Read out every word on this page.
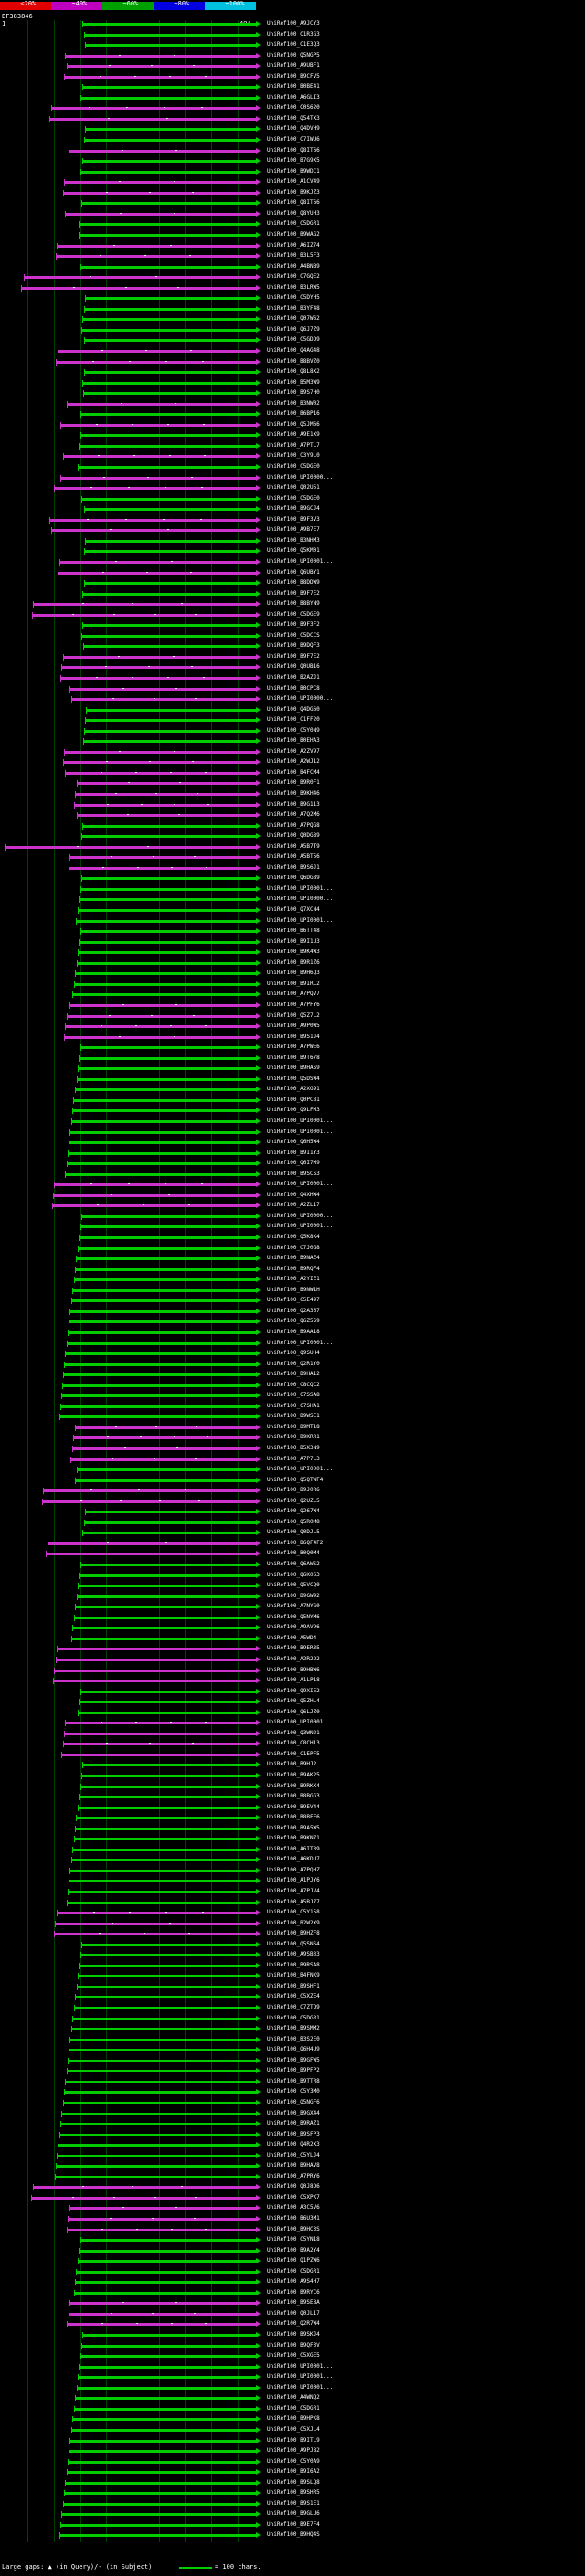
<20%	~40%	~60%	~80%	~100%
BF383846
1	UniRef100_A9JCY3
UniRef100_C1R3G3
UniRef100_C1E3Q3
UniRef100_Q5NGP5
UniRef100_A9UBF1
UniRef100_B9CFV5
UniRef100_B0BE41
UniRef100_A6GLI3
UniRef100_C0S620
UniRef100_Q54TX3
UniRef100_Q4DVH9
UniRef100_C7IWU6
UniRef100_Q8IT66
UniRef100_B7G9X5
UniRef100_B9WDC1
UniRef100_A1CV49
UniRef100_B9KJZ3
UniRef100_Q8IT66
UniRef100_Q8YUH3
UniRef100_C5DGR1
UniRef100_B9WAG2
UniRef100_A6IZ74
UniRef100_B3L5F3
UniRef100_A4BNB9
UniRef100_C7GQE2
UniRef100_B3LRW5
UniRef100_C5DYH5
UniRef100_B3YF48
UniRef100_Q07W62
UniRef100_Q6J7Z9
UniRef100_C5GDD9
UniRef100_Q4AG48
UniRef100_B8BVZ0
UniRef100_Q8L8X2
UniRef100_B5M3W9
UniRef100_B9S7H0
UniRef100_B3NW02
UniRef100_B6BP16
UniRef100_Q5JM66
UniRef100_A9E1X9
UniRef100_A7PTL7
UniRef100_C3Y9L0
UniRef100_C5DGE0
UniRef100_UPI0000...
UniRef100_Q02U51
UniRef100_C5DGE0
UniRef100_B9GCJ4
UniRef100_B9F3V3
UniRef100_A9B7E7
UniRef100_B3NHM3
UniRef100_Q5KM01
UniRef100_UPI0001...
UniRef100_Q6UBY1
UniRef100_B8DDW9
UniRef100_B9F7E2
UniRef100_B8BYN9
UniRef100_C5DGE9
UniRef100_B9F3F2
UniRef100_C5DCCS
UniRef100_B9DQF3
UniRef100_B9F7E2
UniRef100_Q0UB16
UniRef100_B2AZJ1
UniRef100_B0CPC8
UniRef100_UPI0000...
UniRef100_Q4DG60
UniRef100_C1FF20
UniRef100_C5Y0N9
UniRef100_B0EHA3
UniRef100_A2ZV97
UniRef100_A2WJ12
UniRef100_B4FCM4
UniRef100_B9R0F1
UniRef100_B9KH46
UniRef100_B9G113
UniRef100_A7Q2M6
UniRef100_A7PQG8
UniRef100_Q0DG89
UniRef100_A5B7T9
UniRef100_A5BT56
UniRef100_B9S6J1
UniRef100_Q6DG89
UniRef100_UPI0001...
UniRef100_UPI0000...
UniRef100_Q7XCN4
UniRef100_UPI0001...
UniRef100_B6TT48
UniRef100_B9I1U3
UniRef100_B9K4W3
UniRef100_B9R1Z6
UniRef100_B9H6Q3
UniRef100_B9IRL2
UniRef100_A7PQV7
UniRef100_A7PFY6
UniRef100_Q5Z7L2
UniRef100_A9P0W5
UniRef100_B9S1J4
UniRef100_A7PWE6
UniRef100_B9T678
UniRef100_B9HAS9
UniRef100_Q5DSW4
UniRef100_A2XG91
UniRef100_Q0PC81
UniRef100_Q9LFM3
UniRef100_UPI0001...
UniRef100_UPI0001...
UniRef100_Q6H5W4
UniRef100_B9I1Y3
UniRef100_Q6I7M9
UniRef100_B9SCS3
UniRef100_UPI0001...
UniRef100_Q4XHW4
UniRef100_A2ZL17
UniRef100_UPI0000...
UniRef100_UPI0001...
UniRef100_Q5K8K4
UniRef100_C7J0G8
UniRef100_B9NAE4
UniRef100_B9RQF4
UniRef100_A2YIE1
UniRef100_B9NW1H
UniRef100_C5E497
UniRef100_Q2A367
UniRef100_Q6Z5S9
UniRef100_B9AA18
UniRef100_UPI0001...
UniRef100_Q9SUH4
UniRef100_Q2R1Y0
UniRef100_B9HA12
UniRef100_C8CQC2
UniRef100_C7SSA8
UniRef100_C7SHA1
UniRef100_B9WSE1
UniRef100_B9MT18
UniRef100_B9KRR1
UniRef100_B5X3N9
UniRef100_A7P7L3
UniRef100_UPI0001...
UniRef100_Q5QTWF4
UniRef100_B9J0R6
UniRef100_Q2UZL5
UniRef100_Q267W4
UniRef100_Q5R0M8
UniRef100_Q0DJL5
UniRef100_B6QF4F2
UniRef100_B0Q0M4
UniRef100_Q6AWS2
UniRef100_Q6K063
UniRef100_Q5VCQ0
UniRef100_B9GW92
UniRef100_A7NYG0
UniRef100_Q5NYM6
UniRef100_A9AV96
UniRef100_A5WD4
UniRef100_B9ER35
UniRef100_A2R2D2
UniRef100_B9HBW6
UniRef100_A1LP18
UniRef100_Q9XIE2
UniRef100_Q5ZHL4
UniRef100_Q6LJZ0
UniRef100_UPI0001...
UniRef100_Q3WN21
UniRef100_C8CH13
UniRef100_C1EPF5
UniRef100_B9HJ2
UniRef100_B9AK25
UniRef100_B9RKX4
UniRef100_B8BGG3
UniRef100_B9EV44
UniRef100_B8BFE6
UniRef100_B9A5W5
UniRef100_B9KN71
UniRef100_A6IT39
UniRef100_A6KDU7
UniRef100_A7PQHZ
UniRef100_A1PJY6
UniRef100_A7PJV4
UniRef100_A5BJ77
UniRef100_C5Y158
UniRef100_B2W2X9
UniRef100_B9HZF8
UniRef100_Q5SNS4
UniRef100_A9SB33
UniRef100_B9RSA8
UniRef100_B4FNK9
UniRef100_B9SHF1
UniRef100_C5XZE4
UniRef100_C7ZTQ9
UniRef100_C5DGR1
UniRef100_B9SMM2
UniRef100_B3S2E0
UniRef100_Q6H4U9
UniRef100_B9GFW5
UniRef100_B9PFP2
UniRef100_B9TTR8
UniRef100_C5Y3M0
UniRef100_Q5NGF6
UniRef100_B9GX44
UniRef100_B9RAZ1
UniRef100_B9SFP3
UniRef100_Q4R2X3
UniRef100_C5YLJ4
UniRef100_B9HAV8
UniRef100_A7PRY6
UniRef100_Q0J8D6
UniRef100_C5XPK7
UniRef100_A3C5V6
UniRef100_B6U3M1
UniRef100_B9HC3S
UniRef100_C5YN18
UniRef100_B9A2Y4
UniRef100_Q1PZW6
UniRef100_C5DGR1
UniRef100_A9S4H7
UniRef100_B9RYC6
UniRef100_B9SE8A
UniRef100_Q0JL17
UniRef100_Q2R7W4
UniRef100_B9SKJ4
UniRef100_B9QF3V
UniRef100_C5XGE5
UniRef100_UPI0001...
UniRef100_UPI0001...
UniRef100_UPI0001...
UniRef100_A4WNQ2
UniRef100_C5DGR1
UniRef100_B9HPK8
UniRef100_C5XJL4
UniRef100_B9ITL9
UniRef100_A9PJ82
UniRef100_C5Y0A9
UniRef100_B9I6A2
UniRef100_B9SLQ8
UniRef100_B9SHR5
UniRef100_B9S1E1
UniRef100_B9GLU6
UniRef100_B9E7F4
UniRef100_B9HQ4S
Large gaps: ▲ (in Query)/- (in Subject)	= 100 chars.
